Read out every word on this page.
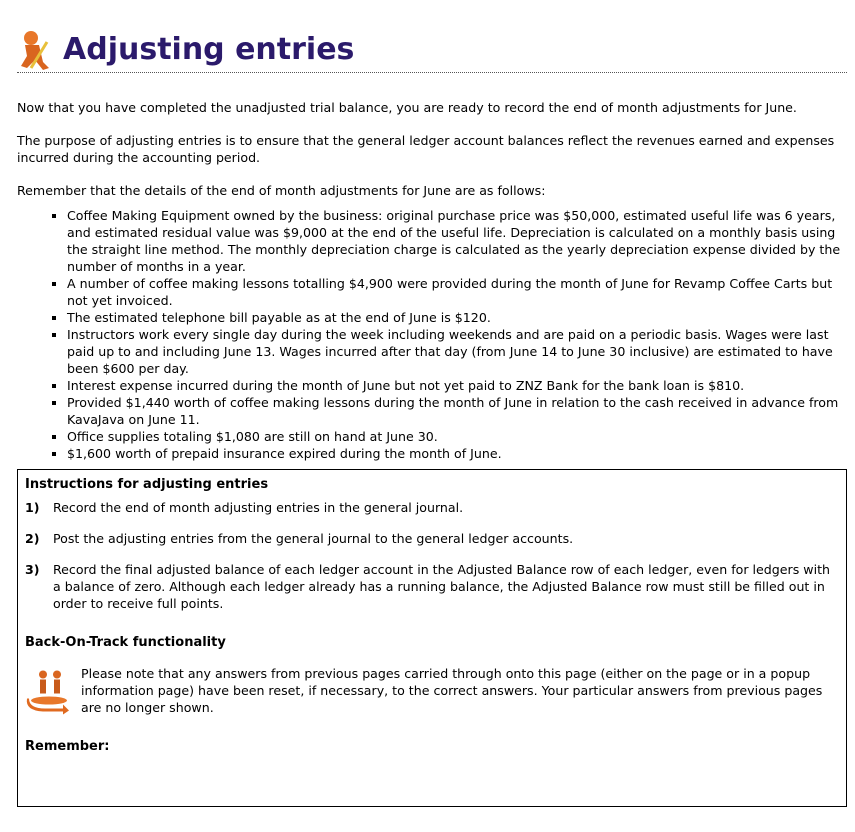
Adjusting entries

Now that you have completed the unadjusted trial balance, you are ready to record the end of month adjustments for June.

The purpose of adjusting entries is to ensure that the general ledger account balances reflect the revenues earned and expenses incurred during the accounting period.

Remember that the details of the end of month adjustments for June are as follows:

▪ Coffee Making Equipment owned by the business: original purchase price was $50,000, estimated useful life was 6 years, and estimated residual value was $9,000 at the end of the useful life. Depreciation is calculated on a monthly basis using the straight line method. The monthly depreciation charge is calculated as the yearly depreciation expense divided by the number of months in a year.
▪ A number of coffee making lessons totalling $4,900 were provided during the month of June for Revamp Coffee Carts but not yet invoiced.
▪ The estimated telephone bill payable as at the end of June is $120.
▪ Instructors work every single day during the week including weekends and are paid on a periodic basis. Wages were last paid up to and including June 13. Wages incurred after that day (from June 14 to June 30 inclusive) are estimated to have been $600 per day.
▪ Interest expense incurred during the month of June but not yet paid to ZNZ Bank for the bank loan is $810.
▪ Provided $1,440 worth of coffee making lessons during the month of June in relation to the cash received in advance from KavaJava on June 11.
▪ Office supplies totaling $1,080 are still on hand at June 30.
▪ $1,600 worth of prepaid insurance expired during the month of June.
Instructions for adjusting entries
1)	Record the end of month adjusting entries in the general journal.
2)	Post the adjusting entries from the general journal to the general ledger accounts.
3)	Record the final adjusted balance of each ledger account in the Adjusted Balance row of each ledger, even for ledgers with a balance of zero. Although each ledger already has a running balance, the Adjusted Balance row must still be filled out in order to receive full points.
Back-On-Track functionality
Please note that any answers from previous pages carried through onto this page (either on the page or in a popup information page) have been reset, if necessary, to the correct answers. Your particular answers from previous pages are no longer shown.
Remember:
